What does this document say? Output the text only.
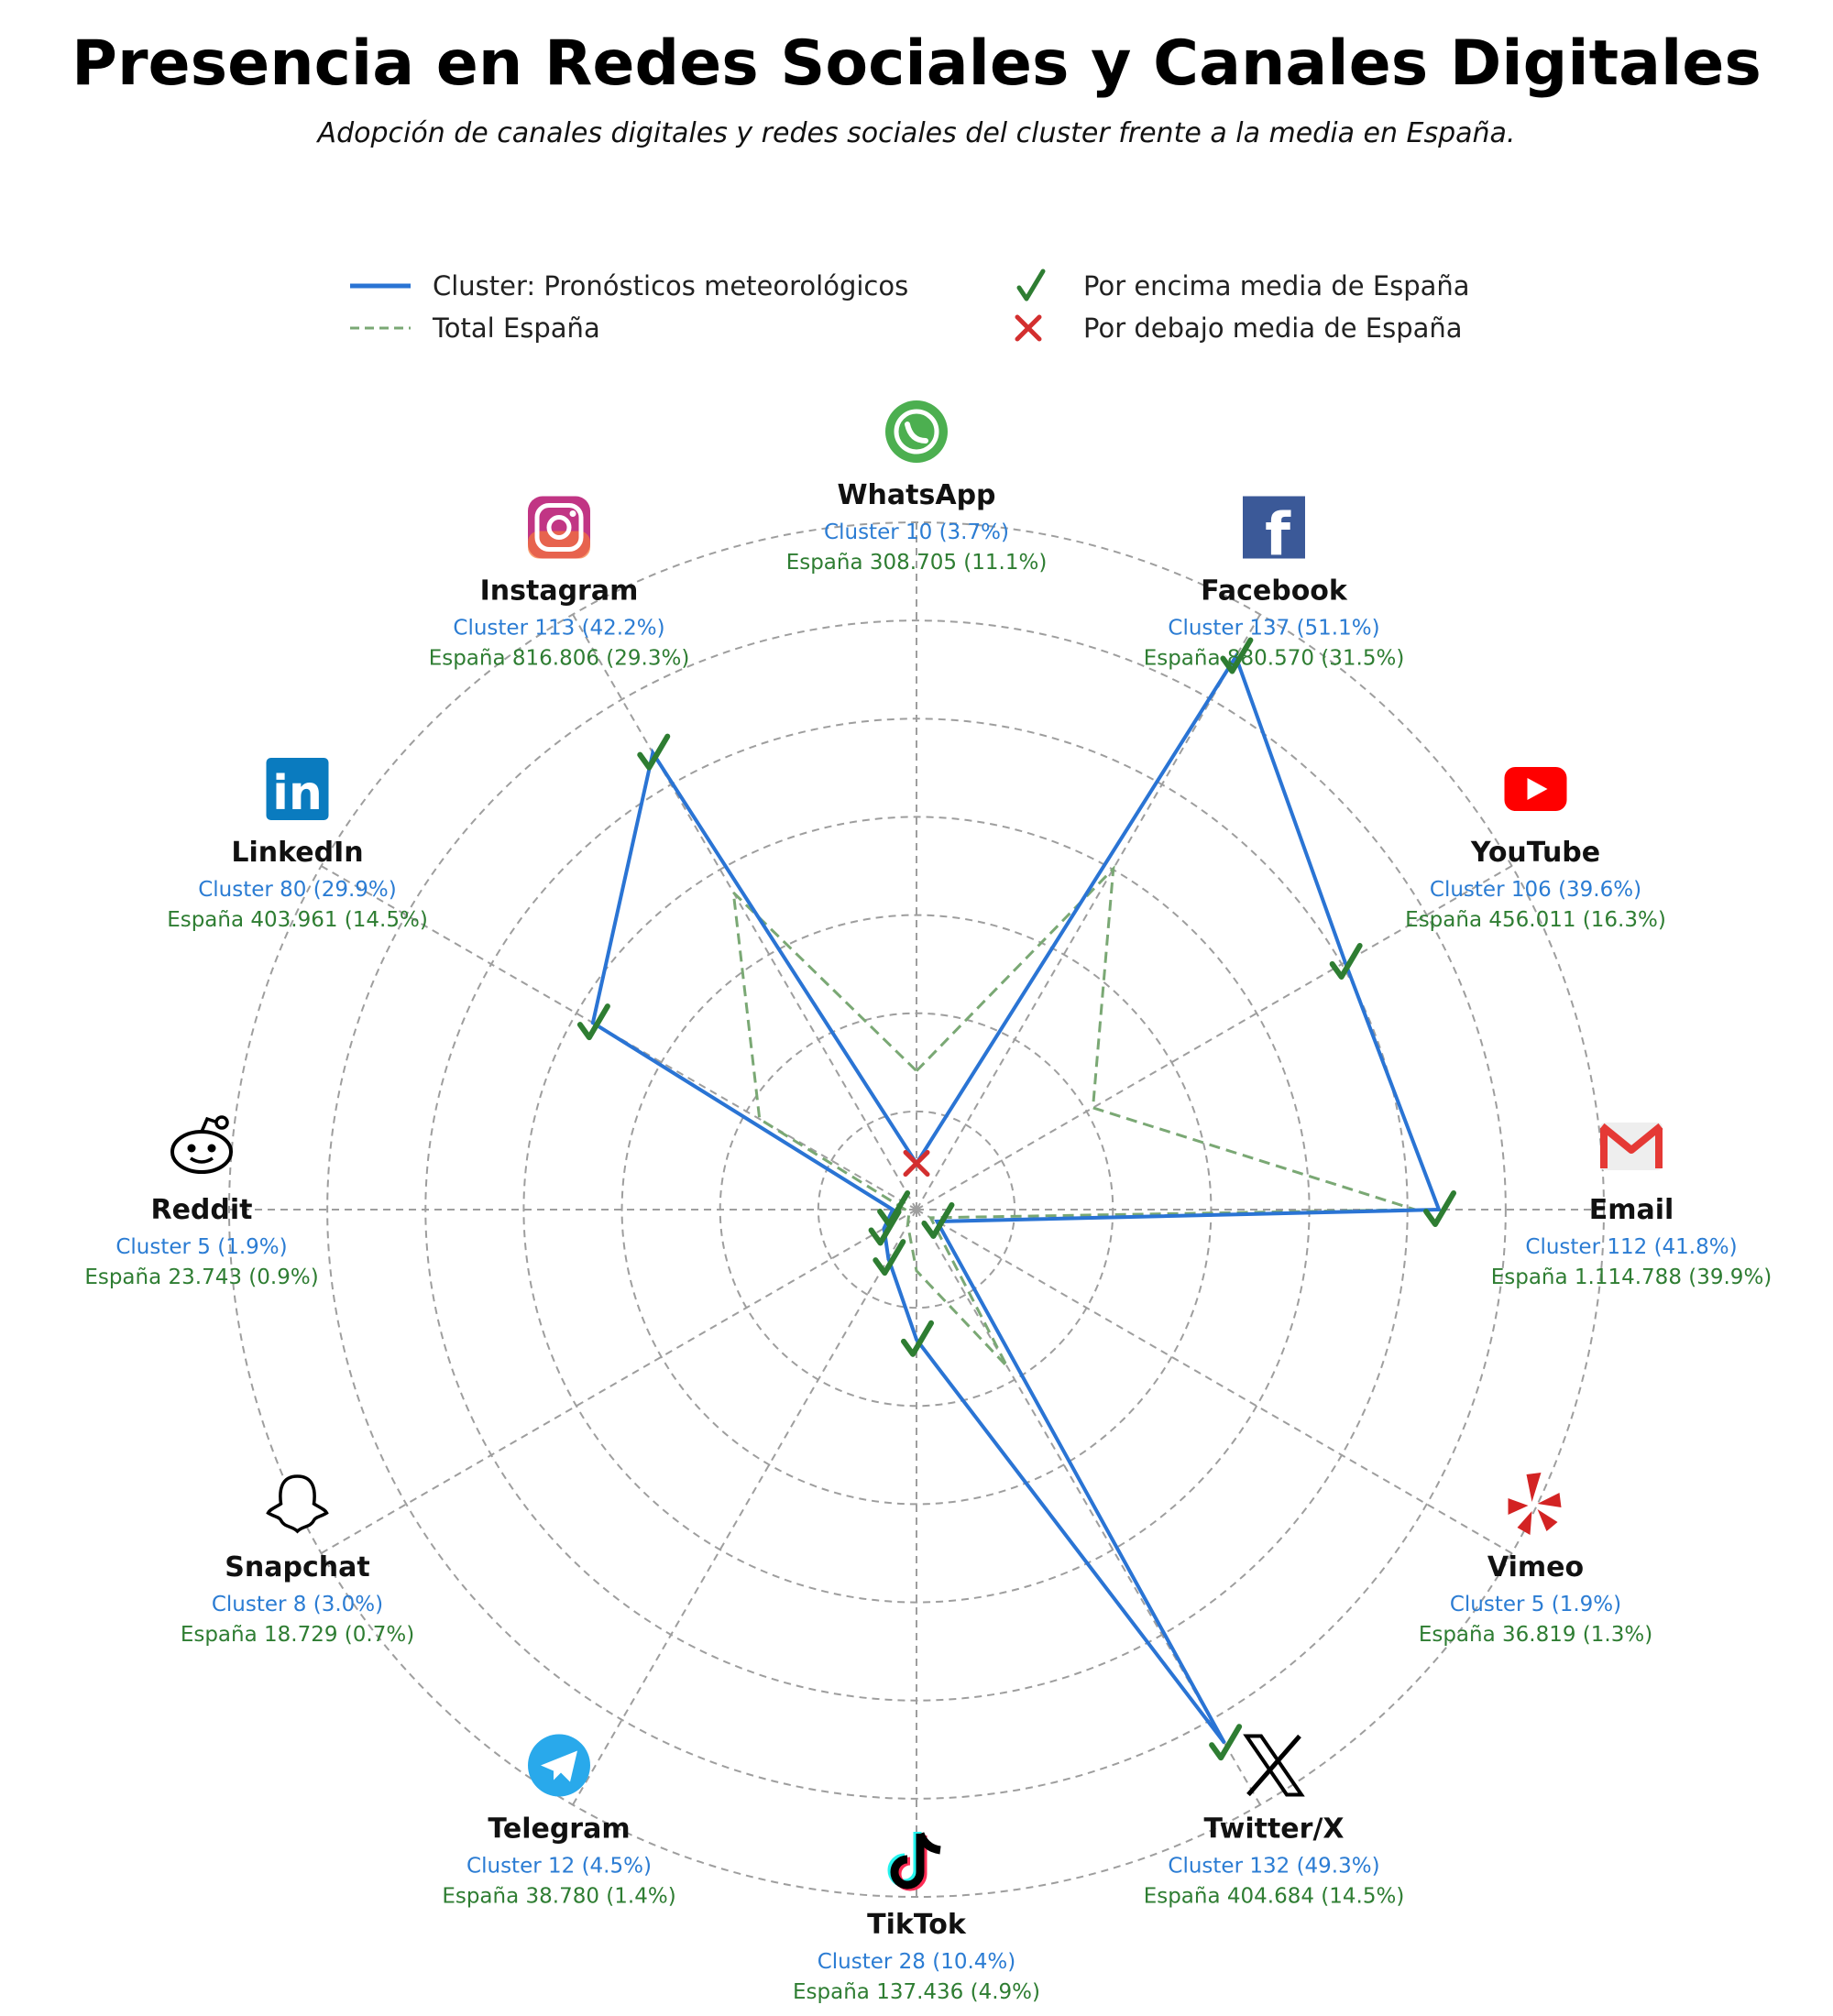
Presencia en Redes Sociales y Canales Digitales
Adopción de canales digitales y redes sociales del cluster frente a la media en España.
Cluster: Pronósticos meteorológicos
Total España
Por encima media de España
Por debajo media de España
WhatsApp
Cluster 10 (3.7%)
España 308.705 (11.1%)	f
Facebook
Cluster 137 (51.1%)
España 880.570 (31.5%)
YouTube
Cluster 106 (39.6%)
España 456.011 (16.3%)
Email
Cluster 112 (41.8%)
España 1.114.788 (39.9%)
Vimeo
Cluster 5 (1.9%)
España 36.819 (1.3%)
Twitter/X
Cluster 132 (49.3%)
España 404.684 (14.5%)
TikTok
Cluster 28 (10.4%)
España 137.436 (4.9%)
Telegram
Cluster 12 (4.5%)
España 38.780 (1.4%)
Snapchat
Cluster 8 (3.0%)
España 18.729 (0.7%)
Reddit
Cluster 5 (1.9%)
España 23.743 (0.9%)
in
LinkedIn
Cluster 80 (29.9%)
España 403.961 (14.5%)
Instagram
Cluster 113 (42.2%)
España 816.806 (29.3%)
